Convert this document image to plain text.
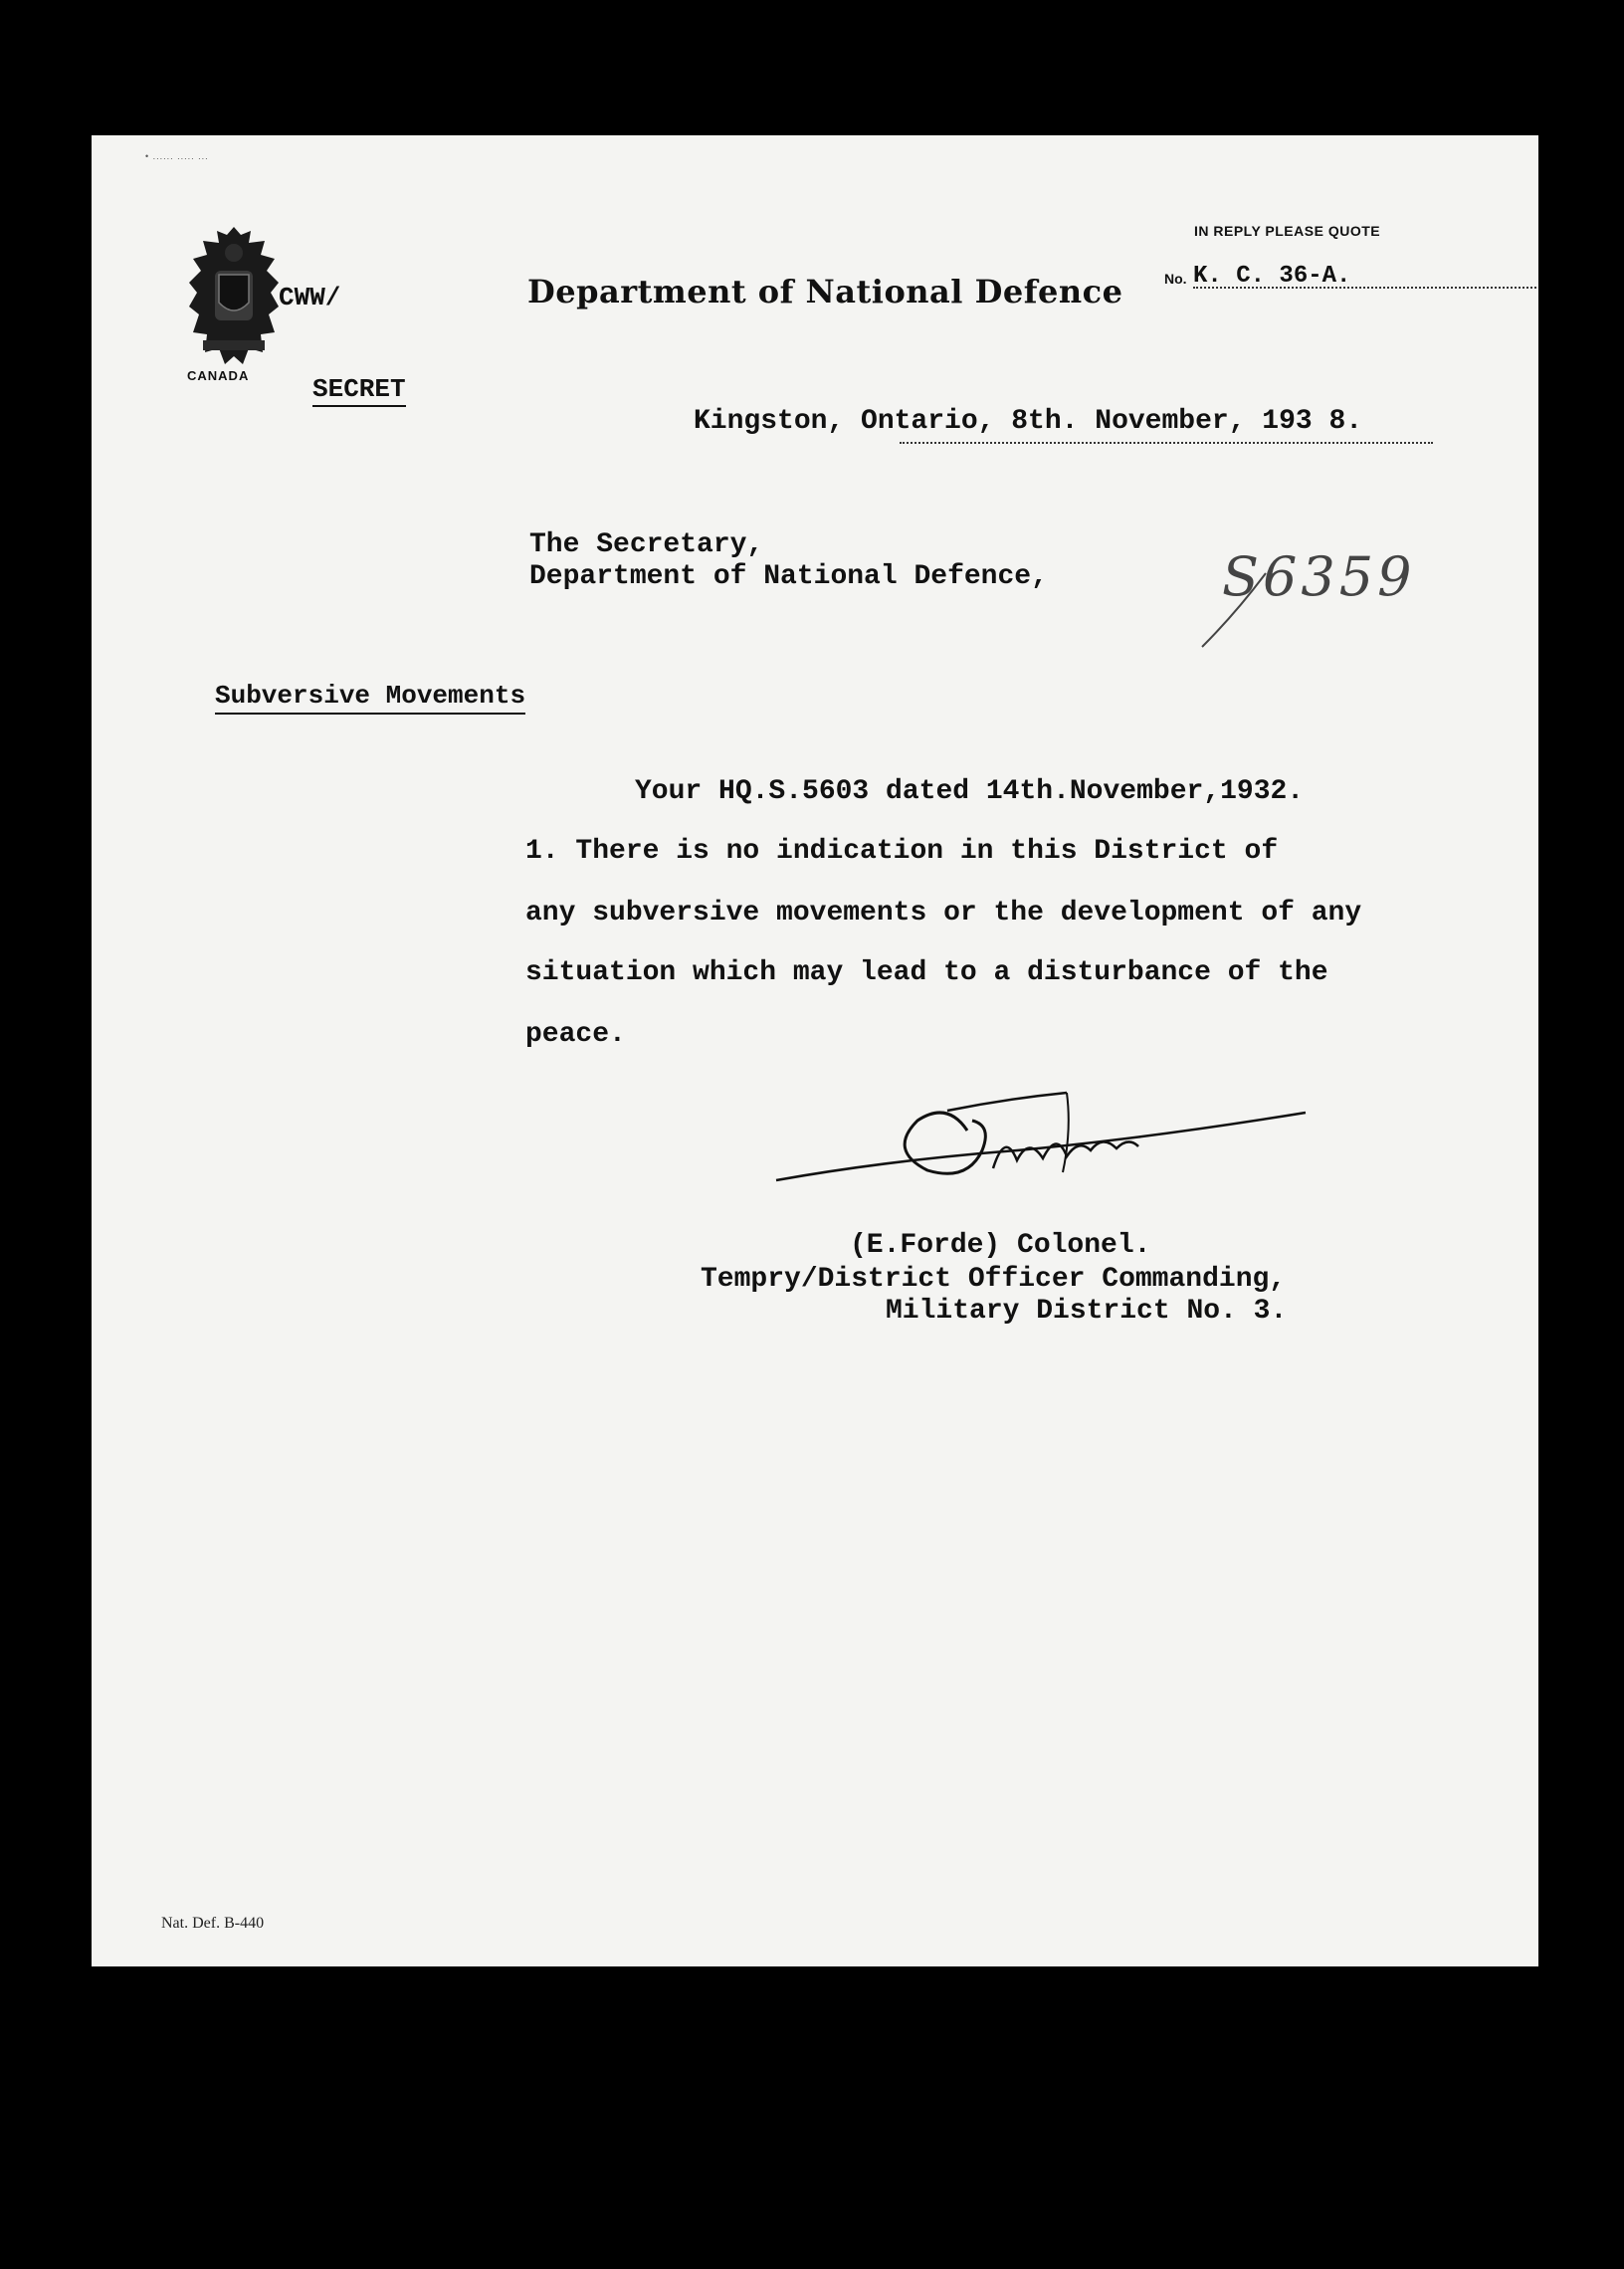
• ...... ..... ...
CANADA
CWW/
SECRET
Department of National Defence
IN REPLY PLEASE QUOTE
No. K. C. 36-A.
Kingston, Ontario, 8th. November, 193 8.
The Secretary,
Department of National Defence,	S6359
Subversive Movements
Your HQ.S.5603 dated 14th.November,1932.
1. There is no indication in this District of
any subversive movements or the development of any
situation which may lead to a disturbance of the
peace.
(E.Forde) Colonel.
Tempry/District Officer Commanding,
Military District No. 3.
Nat. Def. B-440
